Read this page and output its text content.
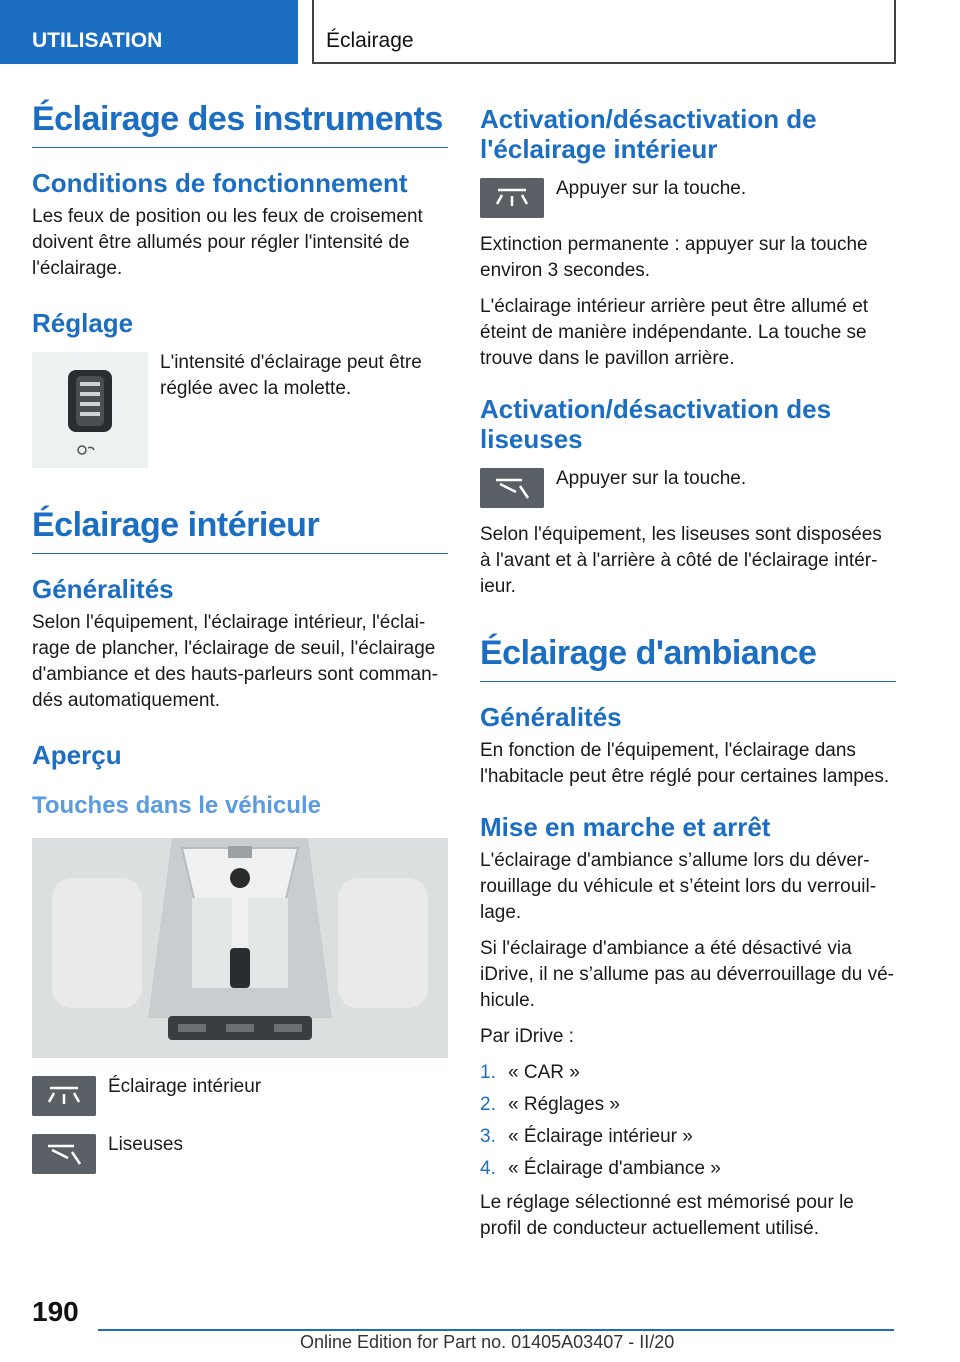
UTILISATION	Éclairage
Éclairage des instruments
Conditions de fonctionnement
Les feux de position ou les feux de croisement doivent être allumés pour régler l'intensité de l'éclairage.
Réglage
L'intensité d'éclairage peut être réglée avec la molette.
Éclairage intérieur
Généralités
Selon l'équipement, l'éclairage intérieur, l'éclairage de plancher, l'éclairage de seuil, l'éclairage d'ambiance et des hauts-parleurs sont commandés automatiquement.
Aperçu
Touches dans le véhicule
Éclairage intérieur
Liseuses
Activation/désactivation de l'éclairage intérieur
Appuyer sur la touche.
Extinction permanente : appuyer sur la touche environ 3 secondes.
L'éclairage intérieur arrière peut être allumé et éteint de manière indépendante. La touche se trouve dans le pavillon arrière.
Activation/désactivation des liseuses
Appuyer sur la touche.
Selon l'équipement, les liseuses sont disposées à l'avant et à l'arrière à côté de l'éclairage intérieur.
Éclairage d'ambiance
Généralités
En fonction de l'équipement, l'éclairage dans l'habitacle peut être réglé pour certaines lampes.
Mise en marche et arrêt
L'éclairage d'ambiance s’allume lors du déverrouillage du véhicule et s’éteint lors du verrouillage.
Si l'éclairage d'ambiance a été désactivé via iDrive, il ne s’allume pas au déverrouillage du véhicule.
Par iDrive :
1. « CAR »
2. « Réglages »
3. « Éclairage intérieur »
4. « Éclairage d'ambiance »
Le réglage sélectionné est mémorisé pour le profil de conducteur actuellement utilisé.
190
Online Edition for Part no. 01405A03407 - II/20
